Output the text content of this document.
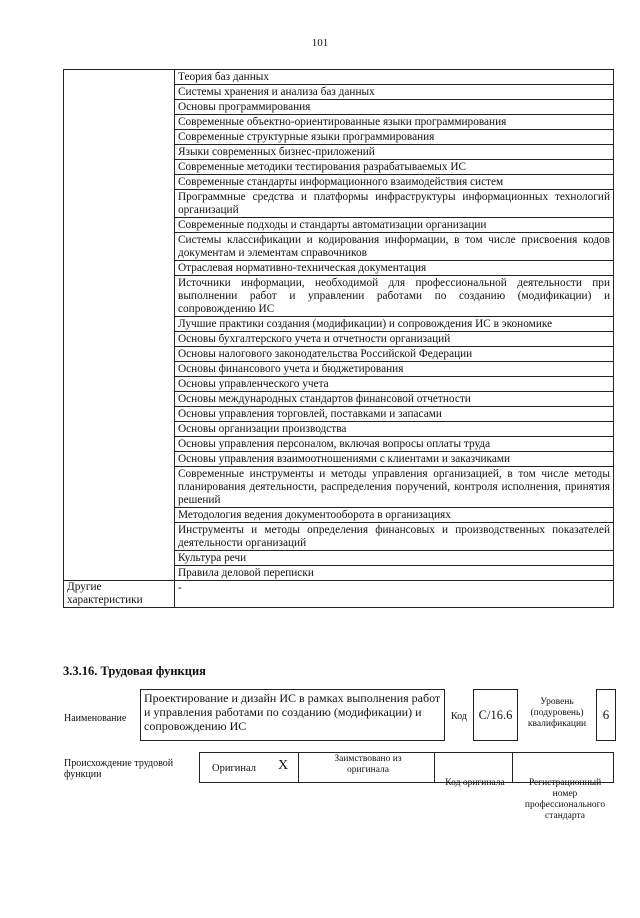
101
	Теория баз данных
	Системы хранения и анализа баз данных
	Основы программирования
	Современные объектно-ориентированные языки программирования
	Современные структурные языки программирования
	Языки современных бизнес-приложений
	Современные методики тестирования разрабатываемых ИС
	Современные стандарты информационного взаимодействия систем
	Программные средства и платформы инфраструктуры информационных технологий организаций
	Современные подходы и стандарты автоматизации организации
	Системы классификации и кодирования информации, в том числе присвоения кодов документам и элементам справочников
	Отраслевая нормативно-техническая документация
	Источники информации, необходимой для профессиональной деятельности при выполнении работ и управлении работами по созданию (модификации) и сопровождению ИС
	Лучшие практики создания (модификации) и сопровождения ИС в экономике
	Основы бухгалтерского учета и отчетности организаций
	Основы налогового законодательства Российской Федерации
	Основы финансового учета и бюджетирования
	Основы управленческого учета
	Основы международных стандартов финансовой отчетности
	Основы управления торговлей, поставками и запасами
	Основы организации производства
	Основы управления персоналом, включая вопросы оплаты труда
	Основы управления взаимоотношениями с клиентами и заказчиками
	Современные инструменты и методы управления организацией, в том числе методы планирования деятельности, распределения поручений, контроля исполнения, принятия решений
	Методология ведения документооборота в организациях
	Инструменты и методы определения финансовых и производственных показателей деятельности организаций
	Культура речи
	Правила деловой переписки

Другие характеристики	-
3.3.16. Трудовая функция
Наименование
Проектирование и дизайн ИС в рамках выполнения работ и управления работами по созданию (модификации) и сопровождению ИС
Код C/16.6
Уровень (подуровень) квалификации
6
Происхождение трудовой функции
Оригинал X	Заимствовано из оригинала
Код оригинала	Регистрационный номер профессионального стандарта
